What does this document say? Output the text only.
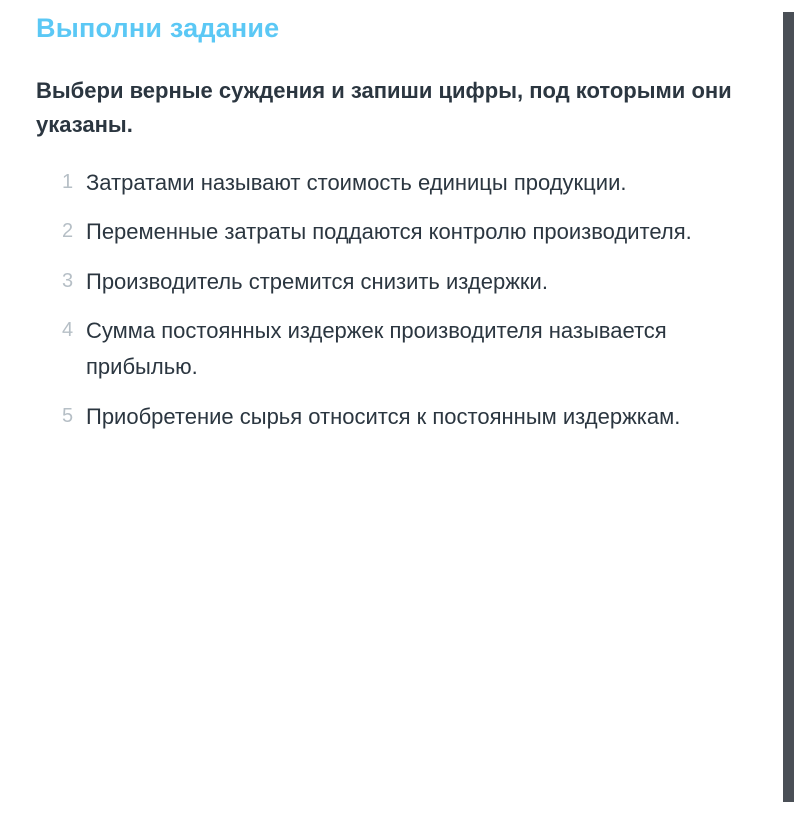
Выполни задание

Выбери верные суждения и запиши цифры, под которыми они указаны.

1 Затратами называют стоимость единицы продукции.
2 Переменные затраты поддаются контролю производителя.
3 Производитель стремится снизить издержки.
4 Сумма постоянных издержек производителя называется прибылью.
5 Приобретение сырья относится к постоянным издержкам.
